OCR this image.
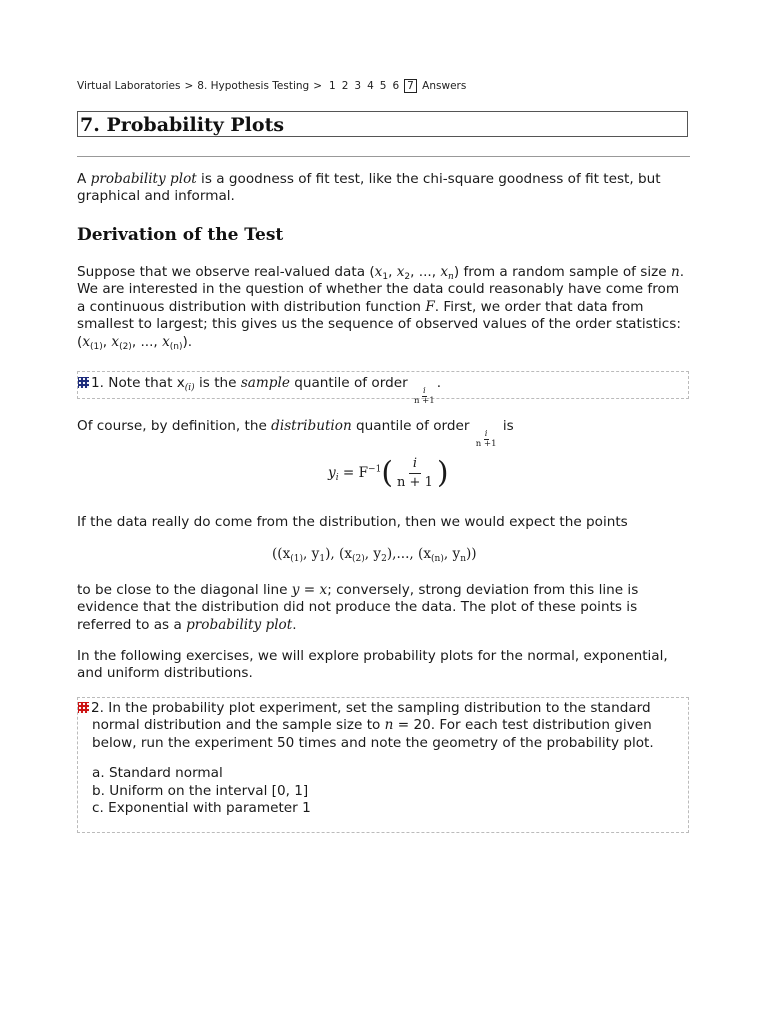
Virtual Laboratories > 8. Hypothesis Testing > 1 2 3 4 5 6 7 Answers
7. Probability Plots

A probability plot is a goodness of fit test, like the chi-square goodness of fit test, but graphical and informal.

Derivation of the Test

Suppose that we observe real-valued data ($x_1$, $x_2$, ..., $x_n$) from a random sample of size n. We are interested in the question of whether the data could reasonably have come from a continuous distribution with distribution function F. First, we order that data from smallest to largest; this gives us the sequence of observed values of the order statistics: ($x_{(1)}$, $x_{(2)}$, ..., $x_{(n)}$).

1. Note that $x_{(i)}$ is the sample quantile of order
$\frac{i}{n +1}$
.

Of course, by definition, the distribution quantile of order
$\frac{i}{n +1}$
is

$y_i = F^{-1}( \frac{i}{n + 1}$ )

If the data really do come from the distribution, then we would expect the points

(($x_{(1)}$, $y_1$), ($x_{(2)}$, $y_2$),..., ($x_{(n)}$, $y_n$))

to be close to the diagonal line y = x; conversely, strong deviation from this line is evidence that the distribution did not produce the data. The plot of these points is referred to as a probability plot.

In the following exercises, we will explore probability plots for the normal, exponential, and uniform distributions.

2. In the probability plot experiment, set the sampling distribution to the standard normal distribution and the sample size to n = 20. For each test distribution given below, run the experiment 50 times and note the geometry of the probability plot.
a. Standard normal
b. Uniform on the interval [0, 1]
c. Exponential with parameter 1
